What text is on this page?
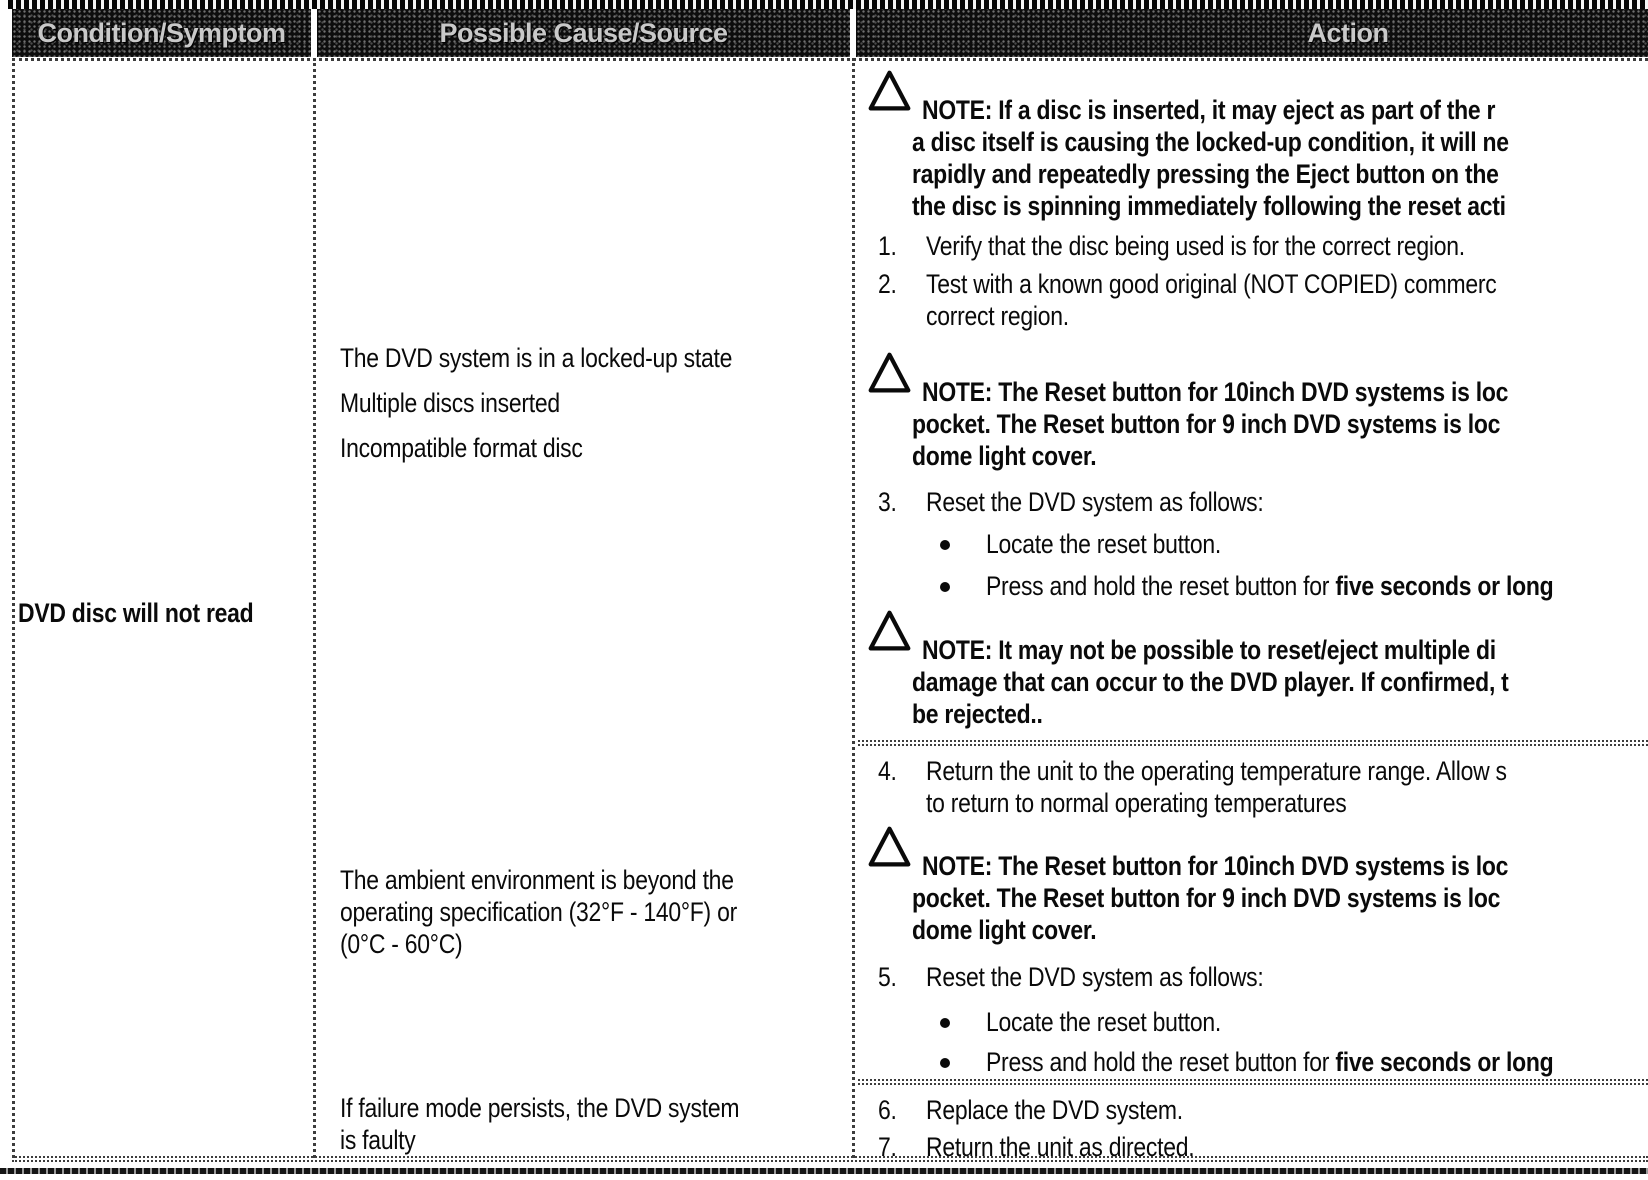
Condition/Symptom	Possible Cause/Source	Action
DVD disc will not read
The DVD system is in a locked-up state
Multiple discs inserted
Incompatible format disc
The ambient environment is beyond the
operating specification (32°F - 140°F) or
(0°C - 60°C)
If failure mode persists, the DVD system
is faulty
NOTE: If a disc is inserted, it may eject as part of the r
a disc itself is causing the locked-up condition, it will ne
rapidly and repeatedly pressing the Eject button on the
the disc is spinning immediately following the reset acti
1. Verify that the disc being used is for the correct region.
2. Test with a known good original (NOT COPIED) commerc
correct region.
NOTE: The Reset button for 10inch DVD systems is loc
pocket. The Reset button for 9 inch DVD systems is loc
dome light cover.
3. Reset the DVD system as follows:
Locate the reset button.
Press and hold the reset button for five seconds or long
NOTE: It may not be possible to reset/eject multiple di
damage that can occur to the DVD player. If confirmed, t
be rejected..
4. Return the unit to the operating temperature range. Allow s
to return to normal operating temperatures
NOTE: The Reset button for 10inch DVD systems is loc
pocket. The Reset button for 9 inch DVD systems is loc
dome light cover.
5. Reset the DVD system as follows:
Locate the reset button.
Press and hold the reset button for five seconds or long
6. Replace the DVD system.
7. Return the unit as directed.
